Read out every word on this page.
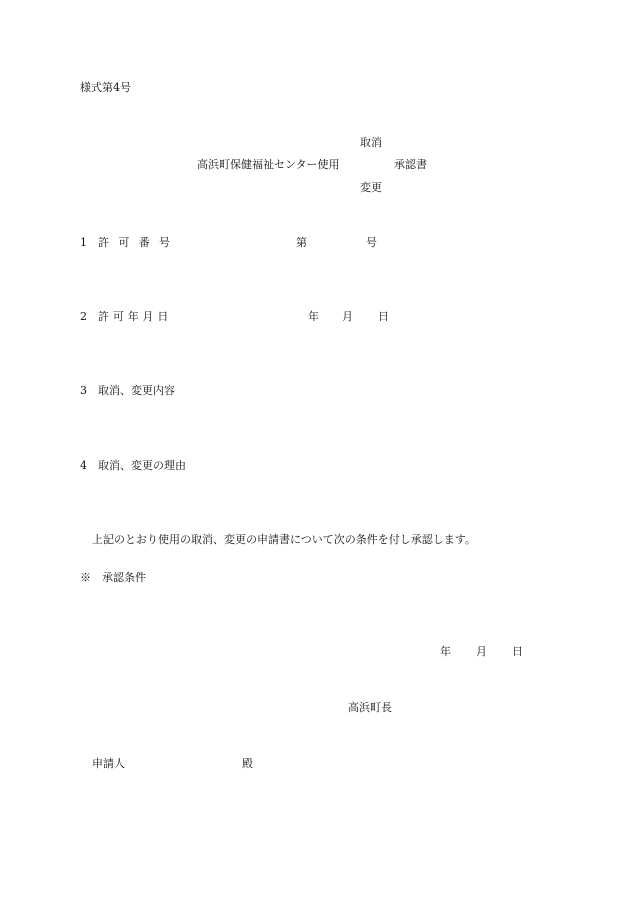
様式第4号
取消
高浜町保健福祉センター使用	承認書
変更
1 許可番号	第	号
2 許可年月日	年 月 日
3 取消、変更内容
4 取消、変更の理由
上記のとおり使用の取消、変更の申請書について次の条件を付し承認します。
※　承認条件
年 月 日
高浜町長
申請人	殿
